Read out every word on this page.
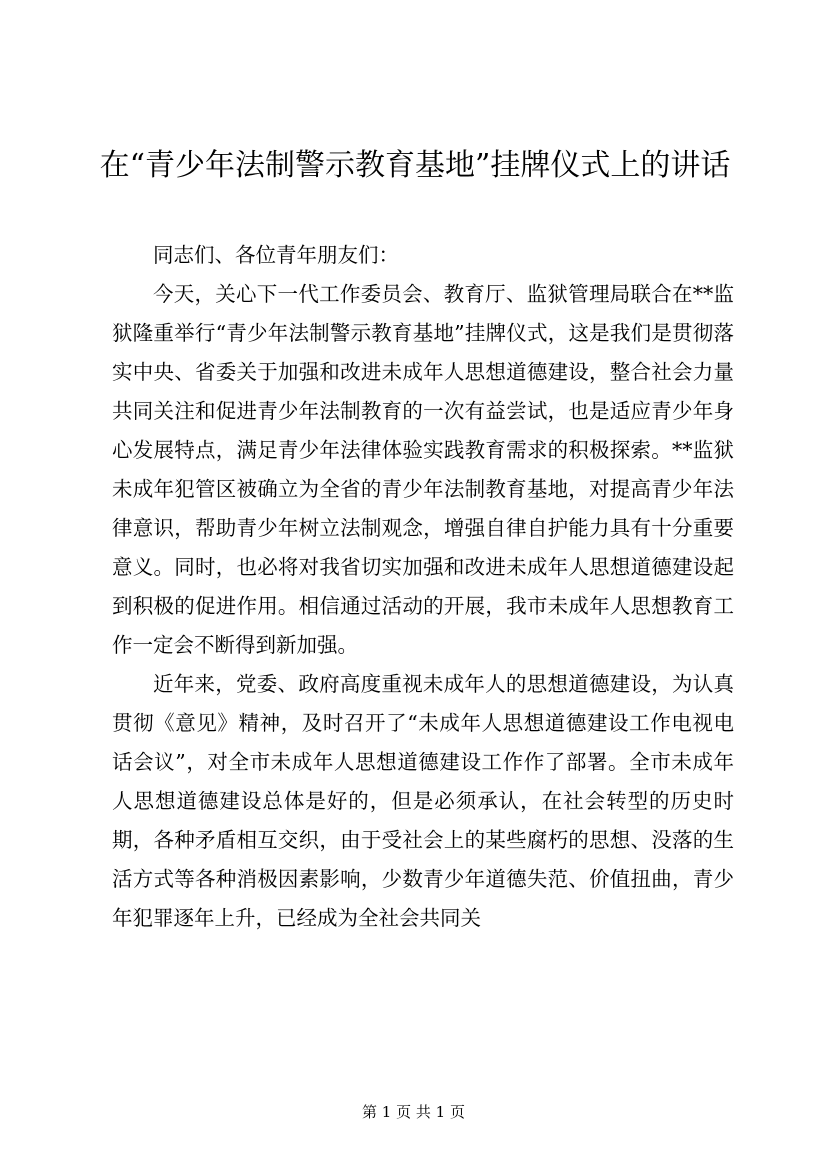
在“青少年法制警示教育基地”挂牌仪式上的讲话

同志们、各位青年朋友们：

今天，关心下一代工作委员会、教育厅、监狱管理局联合在**监狱隆重举行“青少年法制警示教育基地”挂牌仪式，这是我们是贯彻落实中央、省委关于加强和改进未成年人思想道德建设，整合社会力量共同关注和促进青少年法制教育的一次有益尝试，也是适应青少年身心发展特点，满足青少年法律体验实践教育需求的积极探索。**监狱未成年犯管区被确立为全省的青少年法制教育基地，对提高青少年法律意识，帮助青少年树立法制观念，增强自律自护能力具有十分重要意义。同时，也必将对我省切实加强和改进未成年人思想道德建设起到积极的促进作用。相信通过活动的开展，我市未成年人思想教育工作一定会不断得到新加强。

近年来，党委、政府高度重视未成年人的思想道德建设，为认真贯彻《意见》精神，及时召开了“未成年人思想道德建设工作电视电话会议”，对全市未成年人思想道德建设工作作了部署。全市未成年人思想道德建设总体是好的，但是必须承认，在社会转型的历史时期，各种矛盾相互交织，由于受社会上的某些腐朽的思想、没落的生活方式等各种消极因素影响，少数青少年道德失范、价值扭曲，青少年犯罪逐年上升，已经成为全社会共同关

第 1 页 共 1 页
